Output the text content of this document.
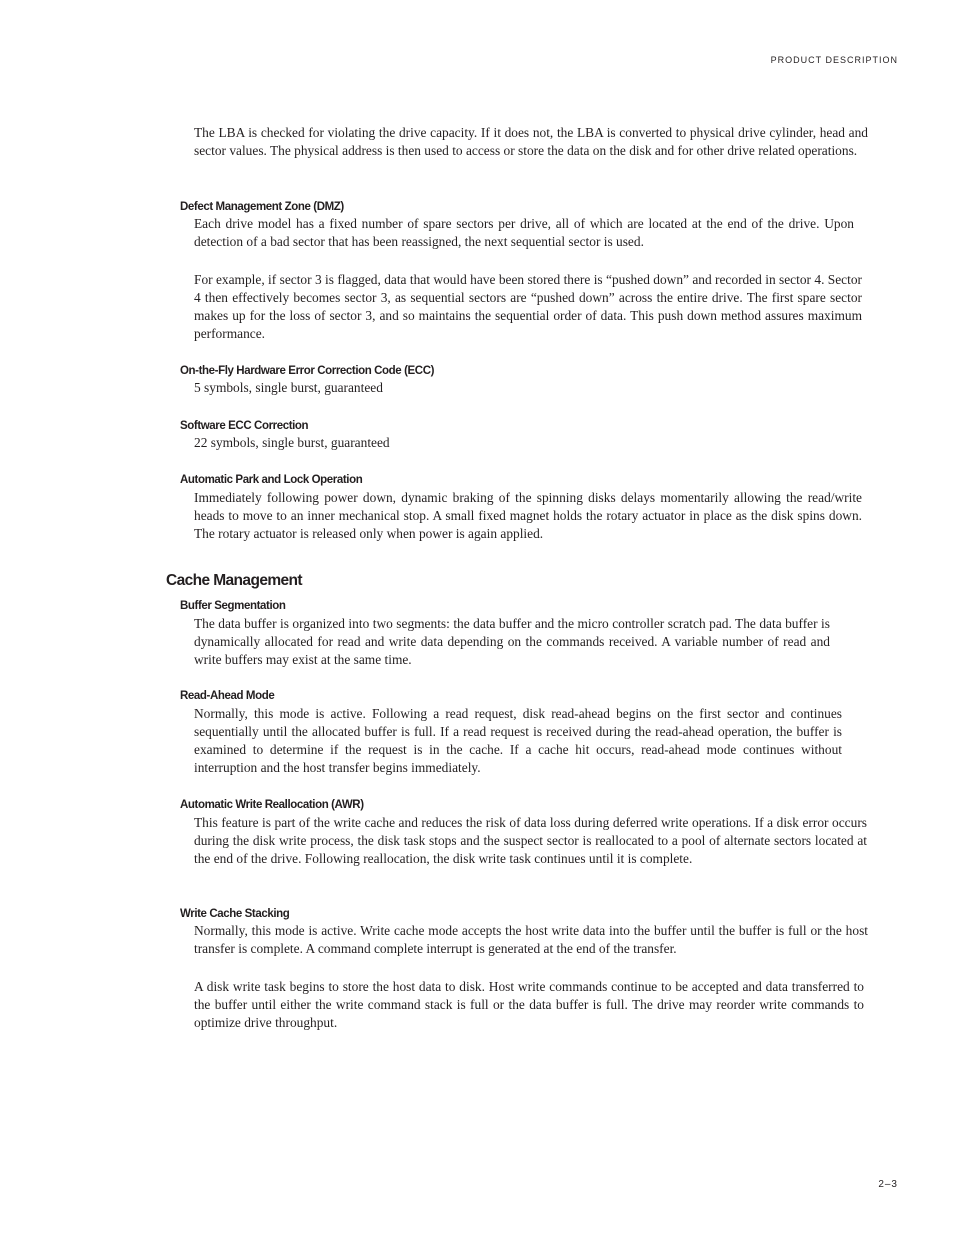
PRODUCT DESCRIPTION

The LBA is checked for violating the drive capacity. If it does not, the LBA is converted to physical drive cylinder, head and sector values. The physical address is then used to access or store the data on the disk and for other drive related operations.

Defect Management Zone (DMZ)

Each drive model has a fixed number of spare sectors per drive, all of which are located at the end of the drive. Upon detection of a bad sector that has been reassigned, the next sequential sector is used.

For example, if sector 3 is flagged, data that would have been stored there is “pushed down” and recorded in sector 4. Sector 4 then effectively becomes sector 3, as sequential sectors are “pushed down” across the entire drive. The first spare sector makes up for the loss of sector 3, and so maintains the sequential order of data. This push down method assures maximum performance.

On-the-Fly Hardware Error Correction Code (ECC)

5 symbols, single burst, guaranteed

Software ECC Correction

22 symbols, single burst, guaranteed

Automatic Park and Lock Operation

Immediately following power down, dynamic braking of the spinning disks delays momentarily allowing the read/write heads to move to an inner mechanical stop. A small fixed magnet holds the rotary actuator in place as the disk spins down. The rotary actuator is released only when power is again applied.

Cache Management
Buffer Segmentation

The data buffer is organized into two segments: the data buffer and the micro controller scratch pad. The data buffer is dynamically allocated for read and write data depending on the commands received. A variable number of read and write buffers may exist at the same time.

Read-Ahead Mode

Normally, this mode is active. Following a read request, disk read-ahead begins on the first sector and continues sequentially until the allocated buffer is full. If a read request is received during the read-ahead operation, the buffer is examined to determine if the request is in the cache. If a cache hit occurs, read-ahead mode continues without interruption and the host transfer begins immediately.

Automatic Write Reallocation (AWR)

This feature is part of the write cache and reduces the risk of data loss during deferred write operations. If a disk error occurs during the disk write process, the disk task stops and the suspect sector is reallocated to a pool of alternate sectors located at the end of the drive. Following reallocation, the disk write task continues until it is complete.

Write Cache Stacking

Normally, this mode is active. Write cache mode accepts the host write data into the buffer until the buffer is full or the host transfer is complete. A command complete interrupt is generated at the end of the transfer.

A disk write task begins to store the host data to disk. Host write commands continue to be accepted and data transferred to the buffer until either the write command stack is full or the data buffer is full. The drive may reorder write commands to optimize drive throughput.

2–3
